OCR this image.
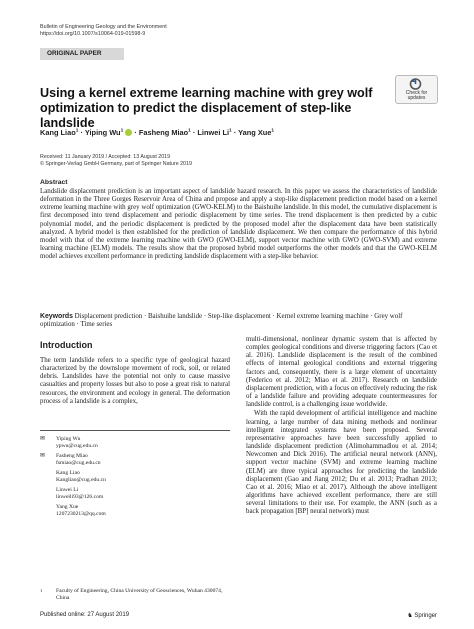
Bulletin of Engineering Geology and the Environment
https://doi.org/10.1007/s10064-019-01598-9
ORIGINAL PAPER
Check for
updates
Using a kernel extreme learning machine with grey wolf optimization to predict the displacement of step-like landslide
Kang Liao$^1$ · Yiping Wu$^1$  · Fasheng Miao$^1$ · Linwei $Li^1$ · Yang Xue$^1$
Received: 11 January 2019 / Accepted: 13 August 2019
© Springer-Verlag GmbH Germany, part of Springer Nature 2019
Abstract
Landslide displacement prediction is an important aspect of landslide hazard research. In this paper we assess the characteristics of landslide deformation in the Three Gorges Reservoir Area of China and propose and apply a step-like displacement prediction model based on a kernel extreme learning machine with grey wolf optimization (GWO-KELM) to the Baishuihe landslide. In this model, the cumulative displacement is first decomposed into trend displacement and periodic displacement by time series. The trend displacement is then predicted by a cubic polynomial model, and the periodic displacement is predicted by the proposed model after the displacement data have been statistically analyzed. A hybrid model is then established for the prediction of landslide displacement. We then compare the performance of this hybrid model with that of the extreme learning machine with GWO (GWO-ELM), support vector machine with GWO (GWO-SVM) and extreme learning machine (ELM) models. The results show that the proposed hybrid model outperforms the other models and that the GWO-KELM model achieves excellent performance in predicting landslide displacement with a step-like behavior.
Keywords Displacement prediction · Baishuihe landslide · Step-like displacement · Kernel extreme learning machine · Grey wolf optimization · Time series
Introduction
The term landslide refers to a specific type of geological hazard characterized by the downslope movement of rock, soil, or related debris. Landslides have the potential not only to cause massive casualties and property losses but also to pose a great risk to natural resources, the environment and ecology in general. The deformation process of a landslide is a complex,
✉ Yiping Wu
ypwu@cug.edu.cn
✉ Fasheng Miao
fsmiao@cug.edu.cn
Kang Liao
Kangliao@cug.edu.cn
Linwei Li
linweili93@126.com
Yang Xue
1207230213@qq.com
1	Faculty of Engineering, China University of Geosciences, Wuhan 430074, China
multi-dimensional, nonlinear dynamic system that is affected by complex geological conditions and diverse triggering factors (Cao et al. 2016). Landslide displacement is the result of the combined effects of internal geological conditions and external triggering factors and, consequently, there is a large element of uncertainty (Federico et al. 2012; Miao et al. 2017). Research on landslide displacement prediction, with a focus on effectively reducing the risk of a landslide failure and providing adequate countermeasures for landslide control, is a challenging issue worldwide.
With the rapid development of artificial intelligence and machine learning, a large number of data mining methods and nonlinear intelligent integrated systems have been proposed. Several representative approaches have been successfully applied to landslide displacement prediction (Alimohammadlou et al. 2014; Newcomen and Dick 2016). The artificial neural network (ANN), support vector machine (SVM) and extreme learning machine (ELM) are three typical approaches for predicting the landslide displacement (Gao and Jiang 2012; Du et al. 2013; Pradhan 2013; Cao et al. 2016; Miao et al. 2017). Although the above intelligent algorithms have achieved excellent performance, there are still several limitations to their use. For example, the ANN (such as a back propagation [BP] neural network) must
Published online: 27 August 2019	♞ Springer
